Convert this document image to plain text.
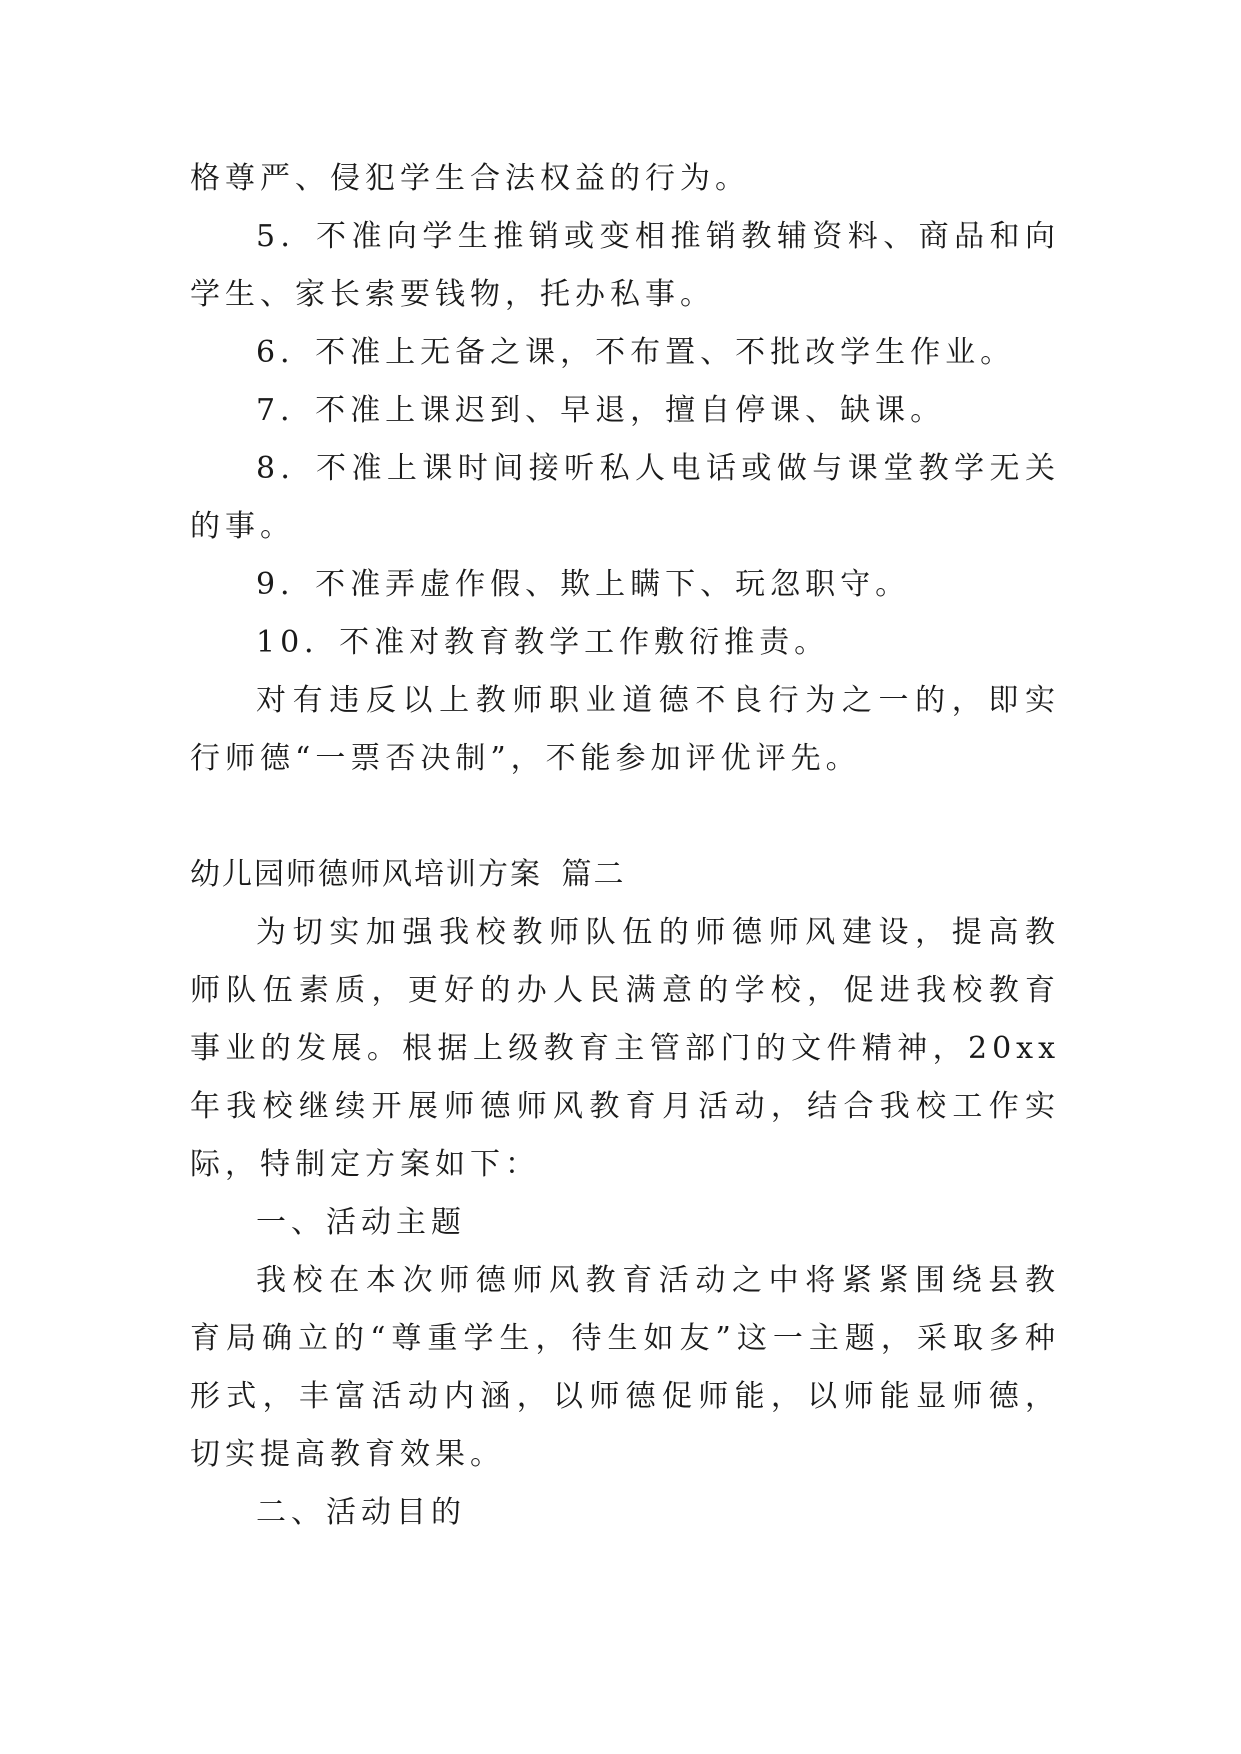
格尊严、侵犯学生合法权益的行为。

5．不准向学生推销或变相推销教辅资料、商品和向学生、家长索要钱物，托办私事。

6．不准上无备之课，不布置、不批改学生作业。

7．不准上课迟到、早退，擅自停课、缺课。

8．不准上课时间接听私人电话或做与课堂教学无关的事。

9．不准弄虚作假、欺上瞒下、玩忽职守。

10．不准对教育教学工作敷衍推责。

对有违反以上教师职业道德不良行为之一的，即实行师德“一票否决制”，不能参加评优评先。

幼儿园师德师风培训方案 篇二

为切实加强我校教师队伍的师德师风建设，提高教师队伍素质，更好的办人民满意的学校，促进我校教育事业的发展。根据上级教育主管部门的文件精神，20xx 年我校继续开展师德师风教育月活动，结合我校工作实际，特制定方案如下：

一、活动主题

我校在本次师德师风教育活动之中将紧紧围绕县教育局确立的“尊重学生，待生如友”这一主题，采取多种形式，丰富活动内涵，以师德促师能，以师能显师德，切实提高教育效果。

二、活动目的
